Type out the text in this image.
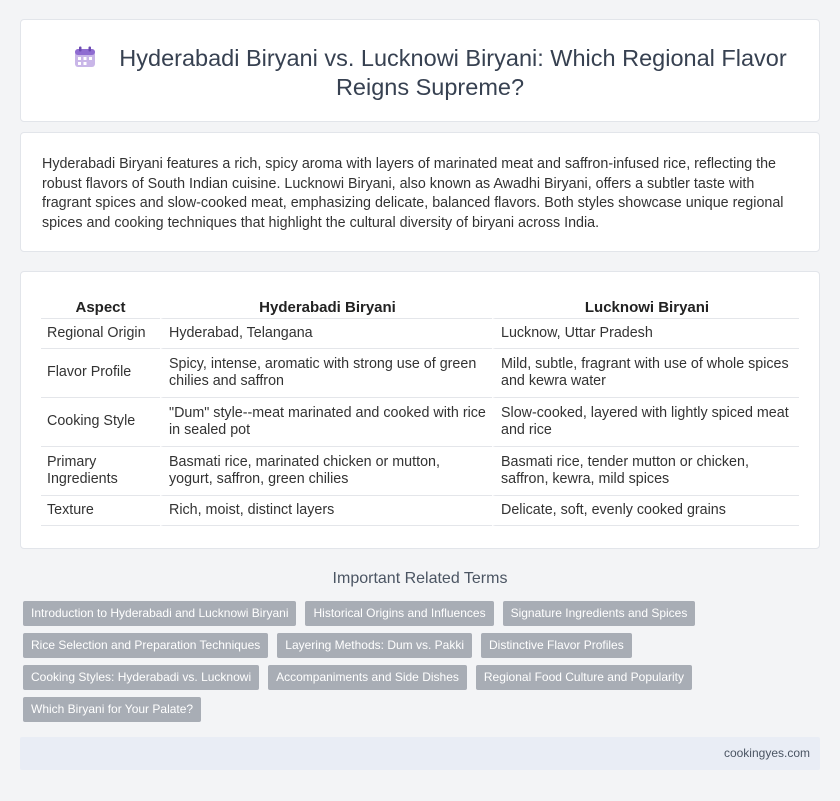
Hyderabadi Biryani vs. Lucknowi Biryani: Which Regional Flavor Reigns Supreme?

Hyderabadi Biryani features a rich, spicy aroma with layers of marinated meat and saffron-infused rice, reflecting the robust flavors of South Indian cuisine. Lucknowi Biryani, also known as Awadhi Biryani, offers a subtler taste with fragrant spices and slow-cooked meat, emphasizing delicate, balanced flavors. Both styles showcase unique regional spices and cooking techniques that highlight the cultural diversity of biryani across India.

Aspect	Hyderabadi Biryani	Lucknowi Biryani
Regional Origin	Hyderabad, Telangana	Lucknow, Uttar Pradesh
Flavor Profile	Spicy, intense, aromatic with strong use of green chilies and saffron	Mild, subtle, fragrant with use of whole spices and kewra water
Cooking Style	"Dum" style--meat marinated and cooked with rice in sealed pot	Slow-cooked, layered with lightly spiced meat and rice
Primary Ingredients	Basmati rice, marinated chicken or mutton, yogurt, saffron, green chilies	Basmati rice, tender mutton or chicken, saffron, kewra, mild spices
Texture	Rich, moist, distinct layers	Delicate, soft, evenly cooked grains
Important Related Terms
Introduction to Hyderabadi and Lucknowi Biryani	Historical Origins and Influences	Signature Ingredients and Spices
Rice Selection and Preparation Techniques	Layering Methods: Dum vs. Pakki	Distinctive Flavor Profiles
Cooking Styles: Hyderabadi vs. Lucknowi	Accompaniments and Side Dishes	Regional Food Culture and Popularity
Which Biryani for Your Palate?
cookingyes.com
